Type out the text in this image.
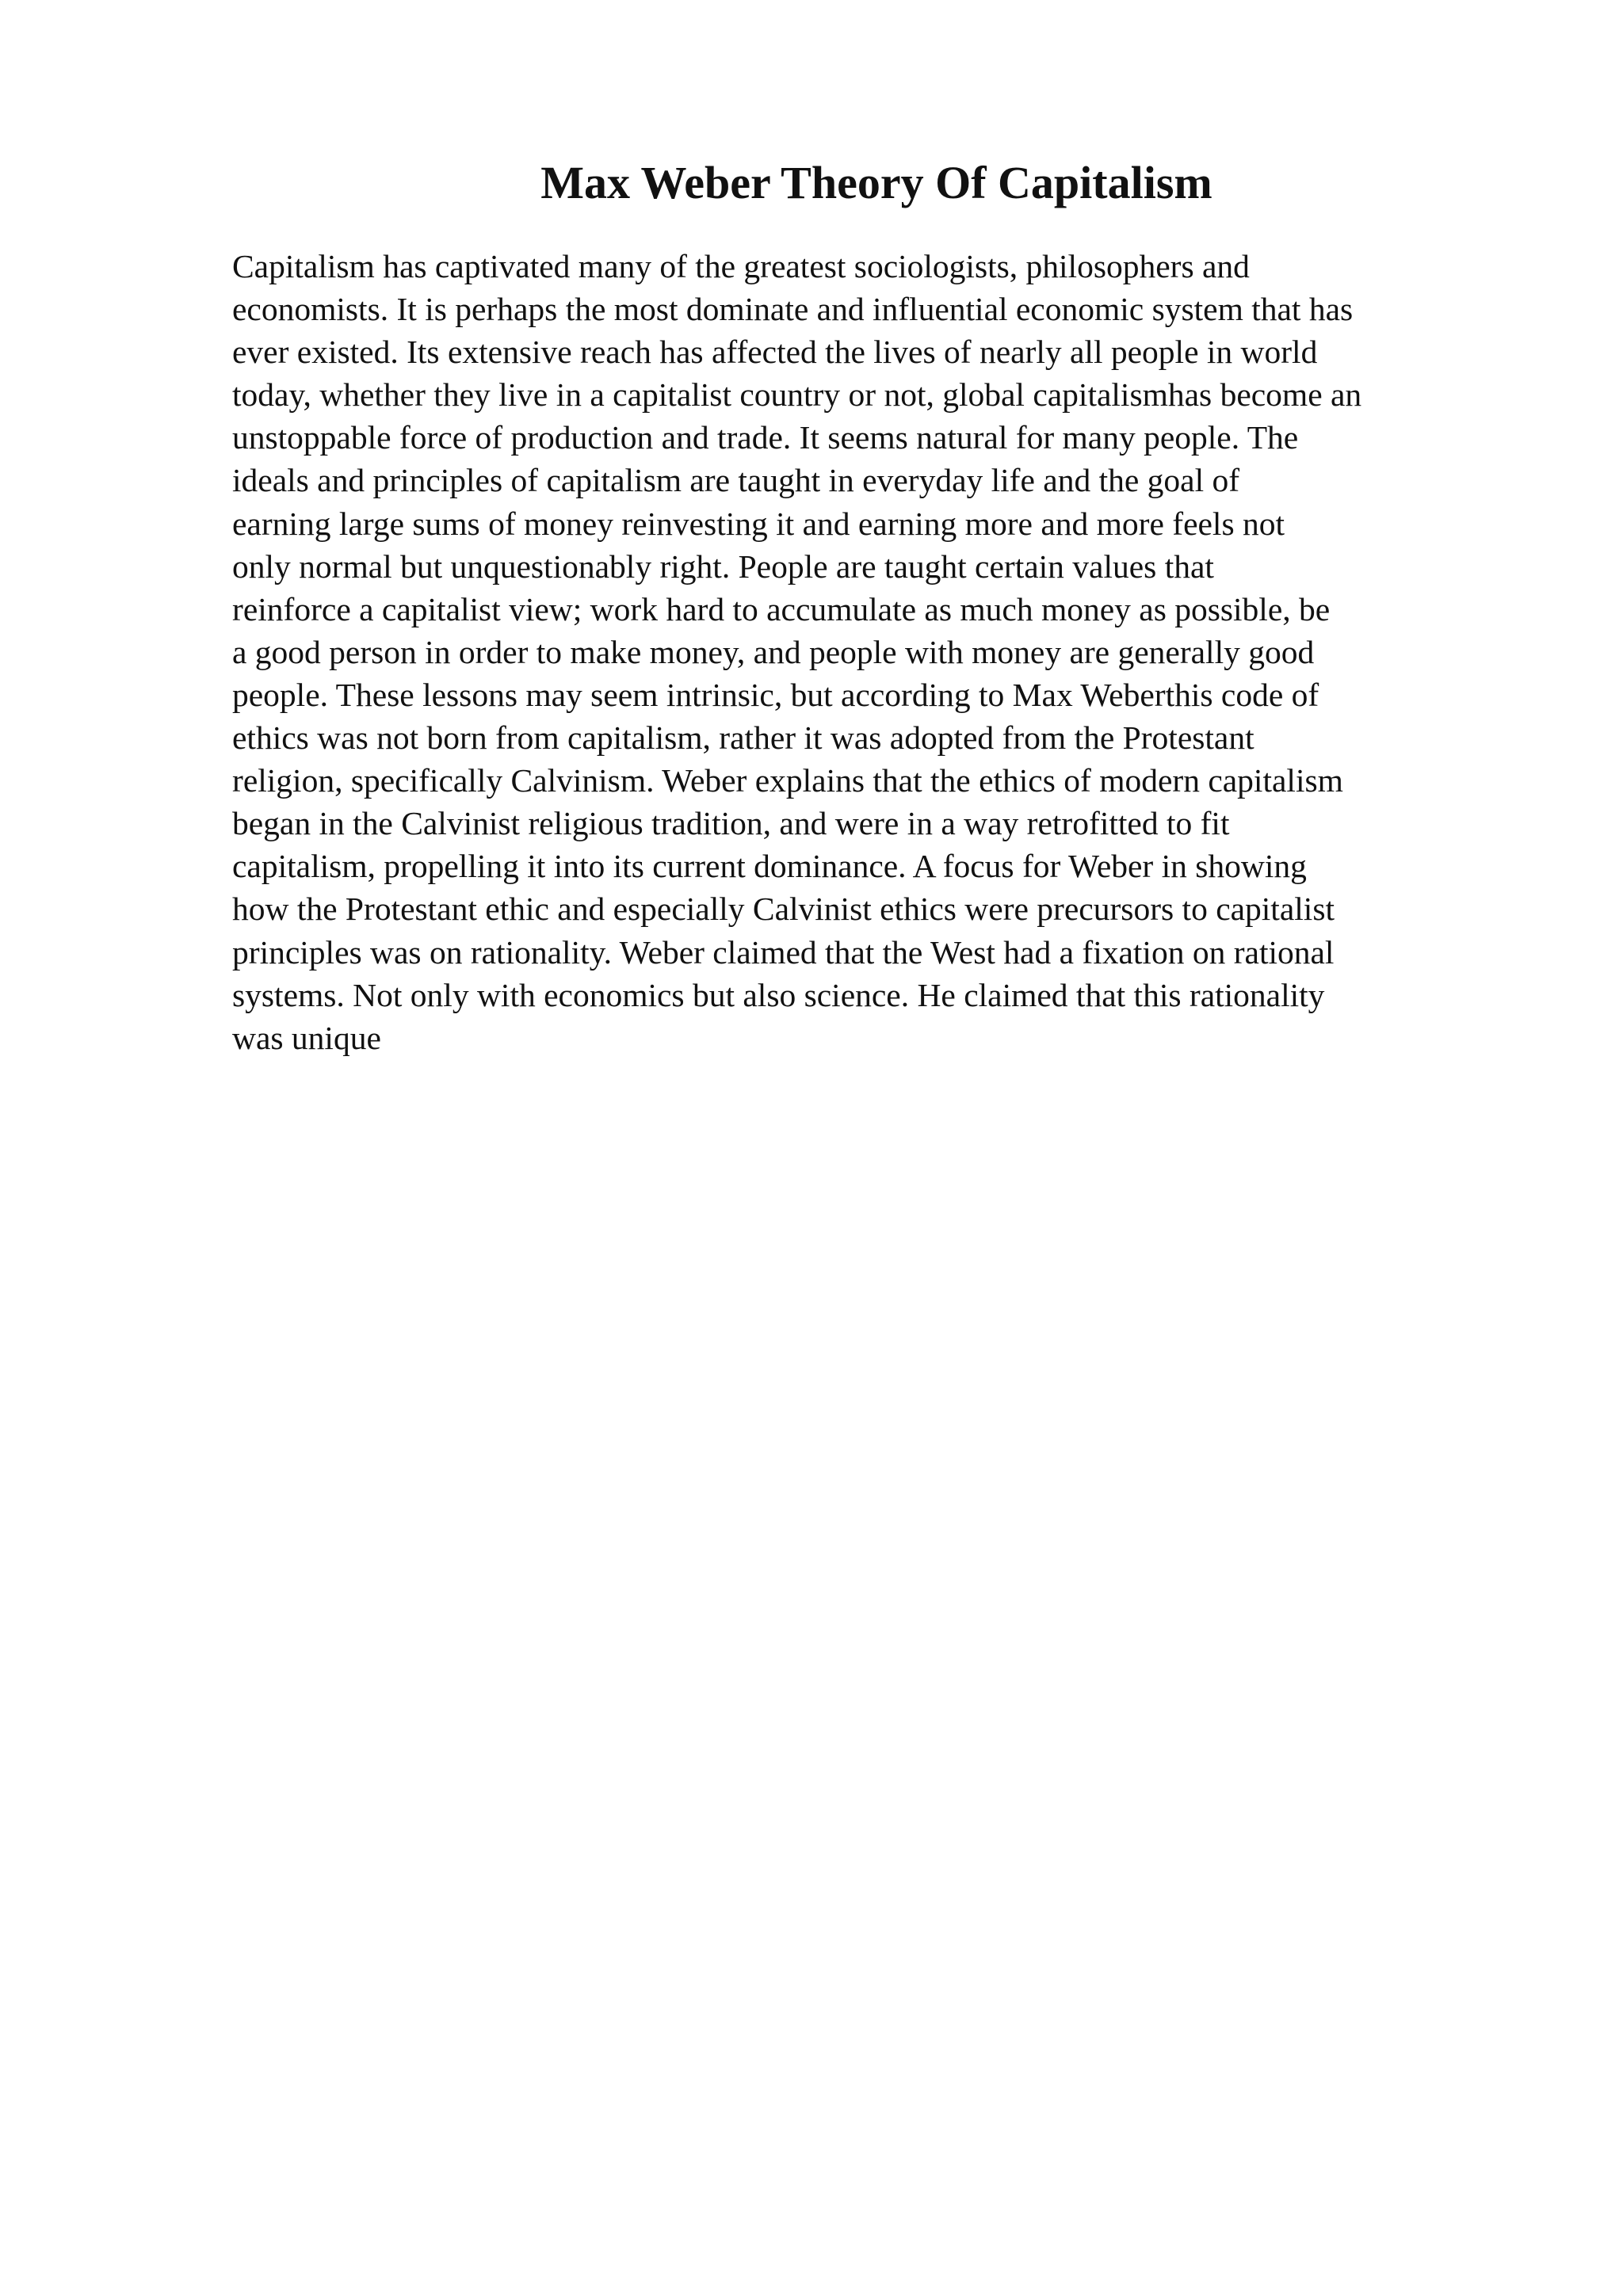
Max Weber Theory Of Capitalism
Capitalism has captivated many of the greatest sociologists, philosophers and
economists. It is perhaps the most dominate and influential economic system that has
ever existed. Its extensive reach has affected the lives of nearly all people in world
today, whether they live in a capitalist country or not, global capitalismhas become an
unstoppable force of production and trade. It seems natural for many people. The
ideals and principles of capitalism are taught in everyday life and the goal of
earning large sums of money reinvesting it and earning more and more feels not
only normal but unquestionably right. People are taught certain values that
reinforce a capitalist view; work hard to accumulate as much money as possible, be
a good person in order to make money, and people with money are generally good
people. These lessons may seem intrinsic, but according to Max Weberthis code of
ethics was not born from capitalism, rather it was adopted from the Protestant
religion, specifically Calvinism. Weber explains that the ethics of modern capitalism
began in the Calvinist religious tradition, and were in a way retrofitted to fit
capitalism, propelling it into its current dominance. A focus for Weber in showing
how the Protestant ethic and especially Calvinist ethics were precursors to capitalist
principles was on rationality. Weber claimed that the West had a fixation on rational
systems. Not only with economics but also science. He claimed that this rationality
was unique
